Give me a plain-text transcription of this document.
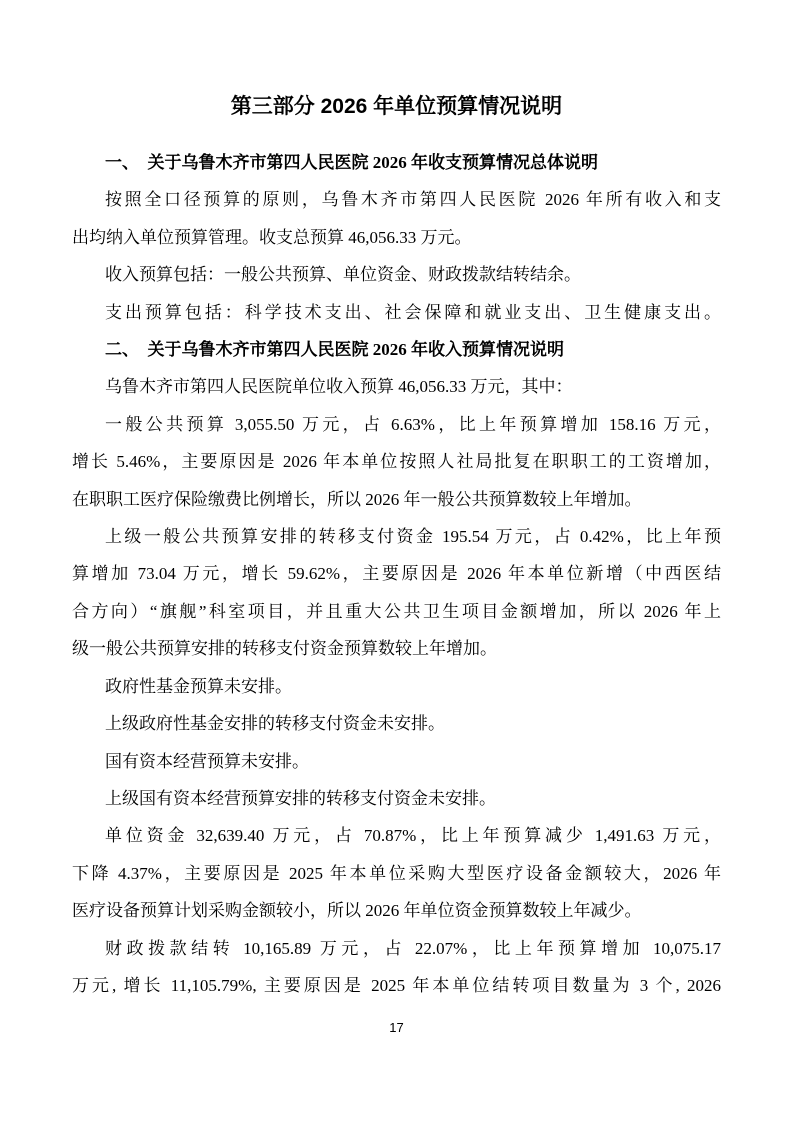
第三部分 2026 年单位预算情况说明
一、　关于乌鲁木齐市第四人民医院 2026 年收支预算情况总体说明
按照全口径预算的原则，乌鲁木齐市第四人民医院 2026 年所有收入和支
出均纳入单位预算管理。收支总预算 46,056.33 万元。
收入预算包括：一般公共预算、单位资金、财政拨款结转结余。
支出预算包括：科学技术支出、社会保障和就业支出、卫生健康支出。
二、　关于乌鲁木齐市第四人民医院 2026 年收入预算情况说明
乌鲁木齐市第四人民医院单位收入预算 46,056.33 万元，其中：
一般公共预算 3,055.50 万元，占 6.63%，比上年预算增加 158.16 万元，
增长 5.46%，主要原因是 2026 年本单位按照人社局批复在职职工的工资增加，
在职职工医疗保险缴费比例增长，所以 2026 年一般公共预算数较上年增加。
上级一般公共预算安排的转移支付资金 195.54 万元，占 0.42%，比上年预
算增加 73.04 万元，增长 59.62%，主要原因是 2026 年本单位新增（中西医结
合方向）“旗舰”科室项目，并且重大公共卫生项目金额增加，所以 2026 年上
级一般公共预算安排的转移支付资金预算数较上年增加。
政府性基金预算未安排。
上级政府性基金安排的转移支付资金未安排。
国有资本经营预算未安排。
上级国有资本经营预算安排的转移支付资金未安排。
单位资金 32,639.40 万元，占 70.87%，比上年预算减少 1,491.63 万元，
下降 4.37%，主要原因是 2025 年本单位采购大型医疗设备金额较大，2026 年
医疗设备预算计划采购金额较小，所以 2026 年单位资金预算数较上年减少。
财政拨款结转 10,165.89 万元，占 22.07%，比上年预算增加 10,075.17
万元, 增长 11,105.79%, 主要原因是 2025 年本单位结转项目数量为 3 个, 2026
17
